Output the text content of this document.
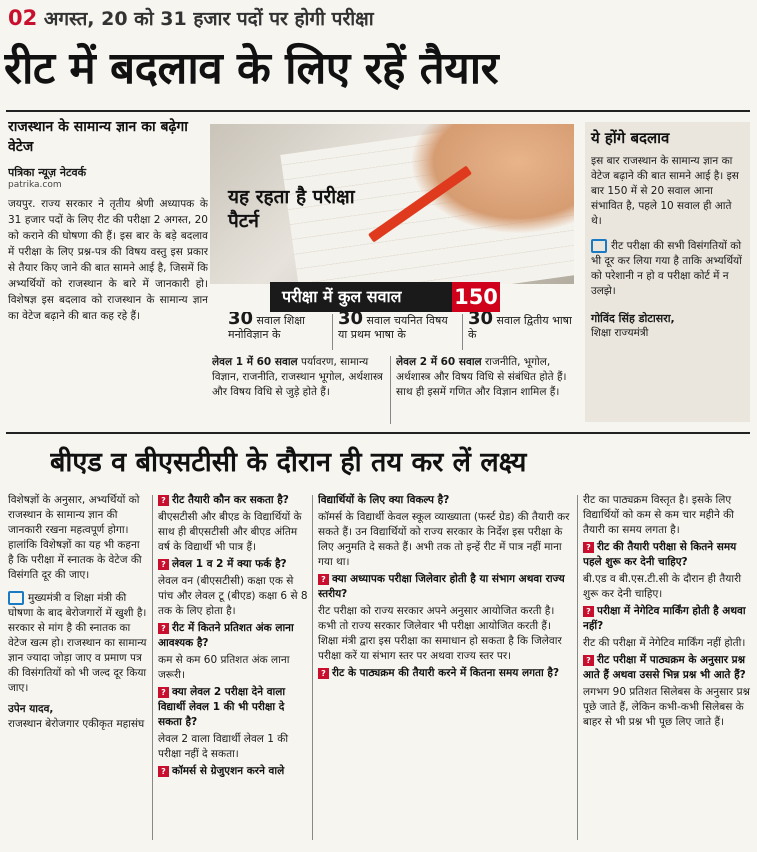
02 अगस्त, 20 को 31 हजार पदों पर होगी परीक्षा
रीट में बदलाव के लिए रहें तैयार
राजस्थान के सामान्य ज्ञान का बढ़ेगा वेटेज
पत्रिका न्यूज़ नेटवर्क
patrika.com
जयपुर. राज्य सरकार ने तृतीय श्रेणी अध्यापक के 31 हजार पदों के लिए रीट की परीक्षा 2 अगस्त, 20 को कराने की घोषणा की हैं। इस बार के बड़े बदलाव में परीक्षा के लिए प्रश्न-पत्र की विषय वस्तु इस प्रकार से तैयार किए जाने की बात सामने आई है, जिसमें कि अभ्यर्थियों को राजस्थान के बारे में जानकारी हो। विशेषज्ञ इस बदलाव को राजस्थान के सामान्य ज्ञान का वेटेज बढ़ाने की बात कह रहे हैं।
यह रहता है परीक्षा पैटर्न
परीक्षा में कुल सवाल	150
30 सवाल शिक्षा मनोविज्ञान के
30 सवाल चयनित विषय या प्रथम भाषा के
30 सवाल द्वितीय भाषा के
लेवल 1 में 60 सवाल पर्यावरण, सामान्य विज्ञान, राजनीति, राजस्थान भूगोल, अर्थशास्त्र और विषय विधि से जुड़े होते हैं।
लेवल 2 में 60 सवाल राजनीति, भूगोल, अर्थशास्त्र और विषय विधि से संबंधित होते हैं। साथ ही इसमें गणित और विज्ञान शामिल हैं।
ये होंगे बदलाव
इस बार राजस्थान के सामान्य ज्ञान का वेटेज बढ़ाने की बात सामने आई है। इस बार 150 में से 20 सवाल आना संभावित है, पहले 10 सवाल ही आते थे।
रीट परीक्षा की सभी विसंगतियों को भी दूर कर लिया गया है ताकि अभ्यर्थियों को परेशानी न हो व परीक्षा कोर्ट में न उलझे।
गोविंद सिंह डोटासरा,
शिक्षा राज्यमंत्री
बीएड व बीएसटीसी के दौरान ही तय कर लें लक्ष्य
विशेषज्ञों के अनुसार, अभ्यर्थियों को राजस्थान के सामान्य ज्ञान की जानकारी रखना महत्वपूर्ण होगा। हालांकि विशेषज्ञों का यह भी कहना है कि परीक्षा में स्नातक के वेटेज की विसंगति दूर की जाए।
मुख्यमंत्री व शिक्षा मंत्री की घोषणा के बाद बेरोजगारों में खुशी है। सरकार से मांग है की स्नातक का वेटेज खत्म हो। राजस्थान का सामान्य ज्ञान ज्यादा जोड़ा जाए व प्रमाण पत्र की विसंगतियों को भी जल्द दूर किया जाए।
उपेन यादव,
राजस्थान बेरोजगार एकीकृत महासंघ

? रीट तैयारी कौन कर सकता है?

बीएसटीसी और बीएड के विद्यार्थियों के साथ ही बीएसटीसी और बीएड अंतिम वर्ष के विद्यार्थी भी पात्र हैं।

? लेवल 1 व 2 में क्या फर्क है?

लेवल वन (बीएसटीसी) कक्षा एक से पांच और लेवल टू (बीएड) कक्षा 6 से 8 तक के लिए होता है।

? रीट में कितने प्रतिशत अंक लाना आवश्यक है?

कम से कम 60 प्रतिशत अंक लाना जरूरी।

? क्या लेवल 2 परीक्षा देने वाला विद्यार्थी लेवल 1 की भी परीक्षा दे सकता है?

लेवल 2 वाला विद्यार्थी लेवल 1 की परीक्षा नहीं दे सकता।

? कॉमर्स से ग्रेजुएशन करने वाले

विद्यार्थियों के लिए क्या विकल्प है?

कॉमर्स के विद्यार्थी केवल स्कूल व्याख्याता (फर्स्ट ग्रेड) की तैयारी कर सकते हैं। उन विद्यार्थियों को राज्य सरकार के निर्देश इस परीक्षा के लिए अनुमति दे सकते हैं। अभी तक तो इन्हें रीट में पात्र नहीं माना गया था।

? क्या अध्यापक परीक्षा जिलेवार होती है या संभाग अथवा राज्य स्तरीय?

रीट परीक्षा को राज्य सरकार अपने अनुसार आयोजित करती है। कभी तो राज्य सरकार जिलेवार भी परीक्षा आयोजित करती हैं। शिक्षा मंत्री द्वारा इस परीक्षा का समाधान हो सकता है कि जिलेवार परीक्षा करें या संभाग स्तर पर अथवा राज्य स्तर पर।

? रीट के पाठ्यक्रम की तैयारी करने में कितना समय लगता है?

रीट का पाठ्यक्रम विस्तृत है। इसके लिए विद्यार्थियों को कम से कम चार महीने की तैयारी का समय लगता है।

? रीट की तैयारी परीक्षा से कितने समय पहले शुरू कर देनी चाहिए?

बी.एड व बी.एस.टी.सी के दौरान ही तैयारी शुरू कर देनी चाहिए।

? परीक्षा में नेगेटिव मार्किंग होती है अथवा नहीं?

रीट की परीक्षा में नेगेटिव मार्किंग नहीं होती।

? रीट परीक्षा में पाठ्यक्रम के अनुसार प्रश्न आते हैं अथवा उससे भिन्न प्रश्न भी आते हैं?

लगभग 90 प्रतिशत सिलेबस के अनुसार प्रश्न पूछे जाते हैं, लेकिन कभी-कभी सिलेबस के बाहर से भी प्रश्न भी पूछ लिए जाते हैं।
